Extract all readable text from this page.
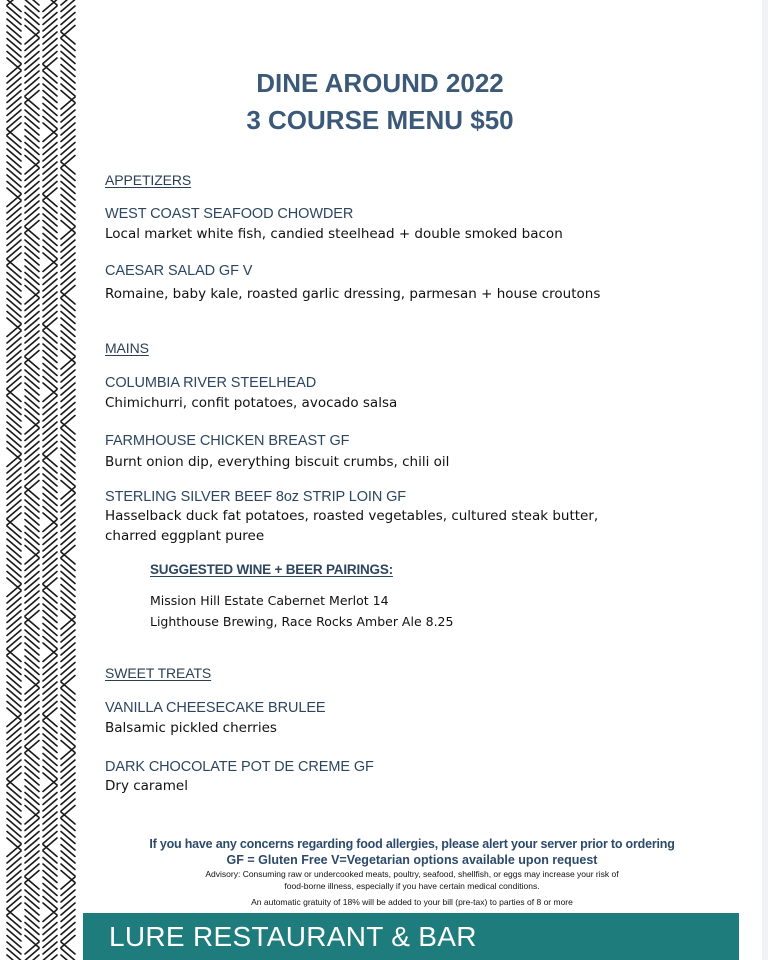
DINE AROUND 2022
3 COURSE MENU $50

APPETIZERS

WEST COAST SEAFOOD CHOWDER

Local market white fish, candied steelhead + double smoked bacon

CAESAR SALAD GF V

Romaine, baby kale, roasted garlic dressing, parmesan + house croutons

MAINS

COLUMBIA RIVER STEELHEAD

Chimichurri, confit potatoes, avocado salsa

FARMHOUSE CHICKEN BREAST GF

Burnt onion dip, everything biscuit crumbs, chili oil

STERLING SILVER BEEF 8oz STRIP LOIN GF

Hasselback duck fat potatoes, roasted vegetables, cultured steak butter,

charred eggplant puree

SUGGESTED WINE + BEER PAIRINGS:

Mission Hill Estate Cabernet Merlot 14

Lighthouse Brewing, Race Rocks Amber Ale 8.25

SWEET TREATS

VANILLA CHEESECAKE BRULEE

Balsamic pickled cherries

DARK CHOCOLATE POT DE CREME GF

Dry caramel

If you have any concerns regarding food allergies, please alert your server prior to ordering

GF = Gluten Free V=Vegetarian options available upon request

Advisory: Consuming raw or undercooked meats, poultry, seafood, shellfish, or eggs may increase your risk of
food-borne illness, especially if you have certain medical conditions.

An automatic gratuity of 18% will be added to your bill (pre-tax) to parties of 8 or more

LURE RESTAURANT & BAR
